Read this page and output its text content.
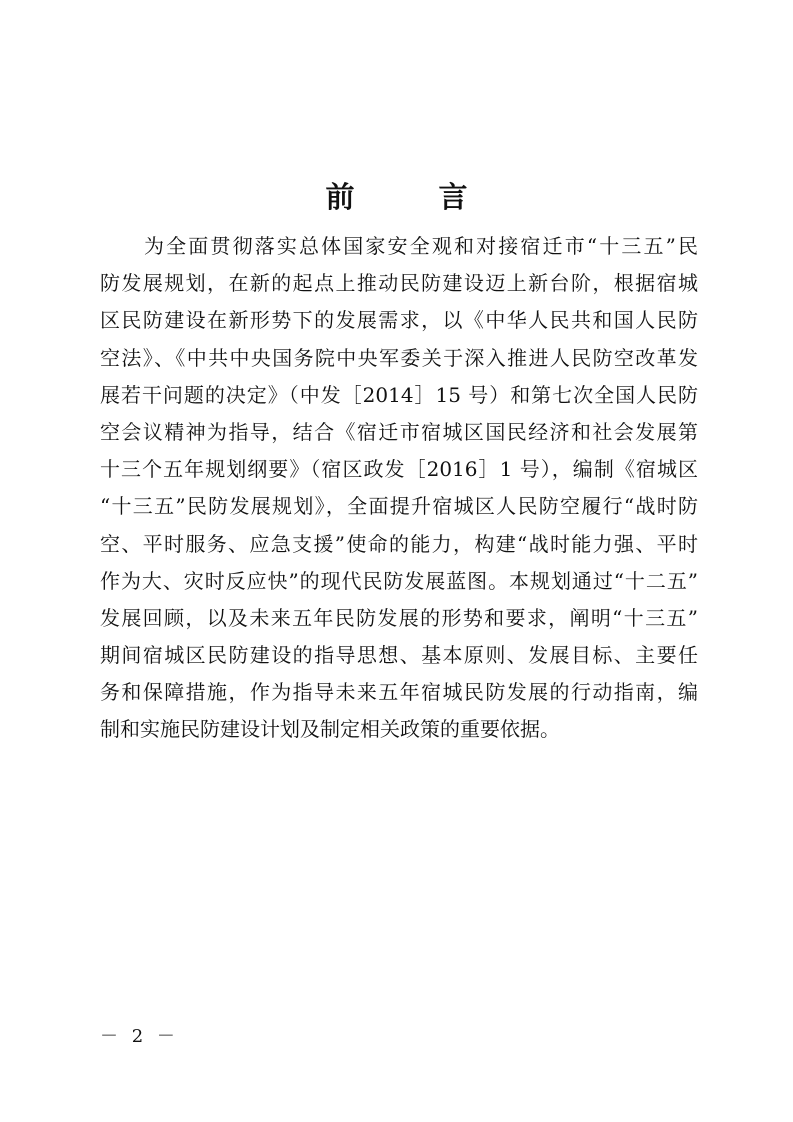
前	言
为全面贯彻落实总体国家安全观和对接宿迁市“十三五”民
防发展规划，在新的起点上推动民防建设迈上新台阶，根据宿城
区民防建设在新形势下的发展需求，以《中华人民共和国人民防
空法》、《中共中央国务院中央军委关于深入推进人民防空改革发
展若干问题的决定》（中发［2014］15 号）和第七次全国人民防
空会议精神为指导，结合《宿迁市宿城区国民经济和社会发展第
十三个五年规划纲要》（宿区政发［2016］1 号），编制《宿城区
“十三五”民防发展规划》，全面提升宿城区人民防空履行“战时防
空、平时服务、应急支援”使命的能力，构建“战时能力强、平时
作为大、灾时反应快”的现代民防发展蓝图。本规划通过“十二五”
发展回顾，以及未来五年民防发展的形势和要求，阐明“十三五”
期间宿城区民防建设的指导思想、基本原则、发展目标、主要任
务和保障措施，作为指导未来五年宿城民防发展的行动指南，编
制和实施民防建设计划及制定相关政策的重要依据。
－ 2 －
